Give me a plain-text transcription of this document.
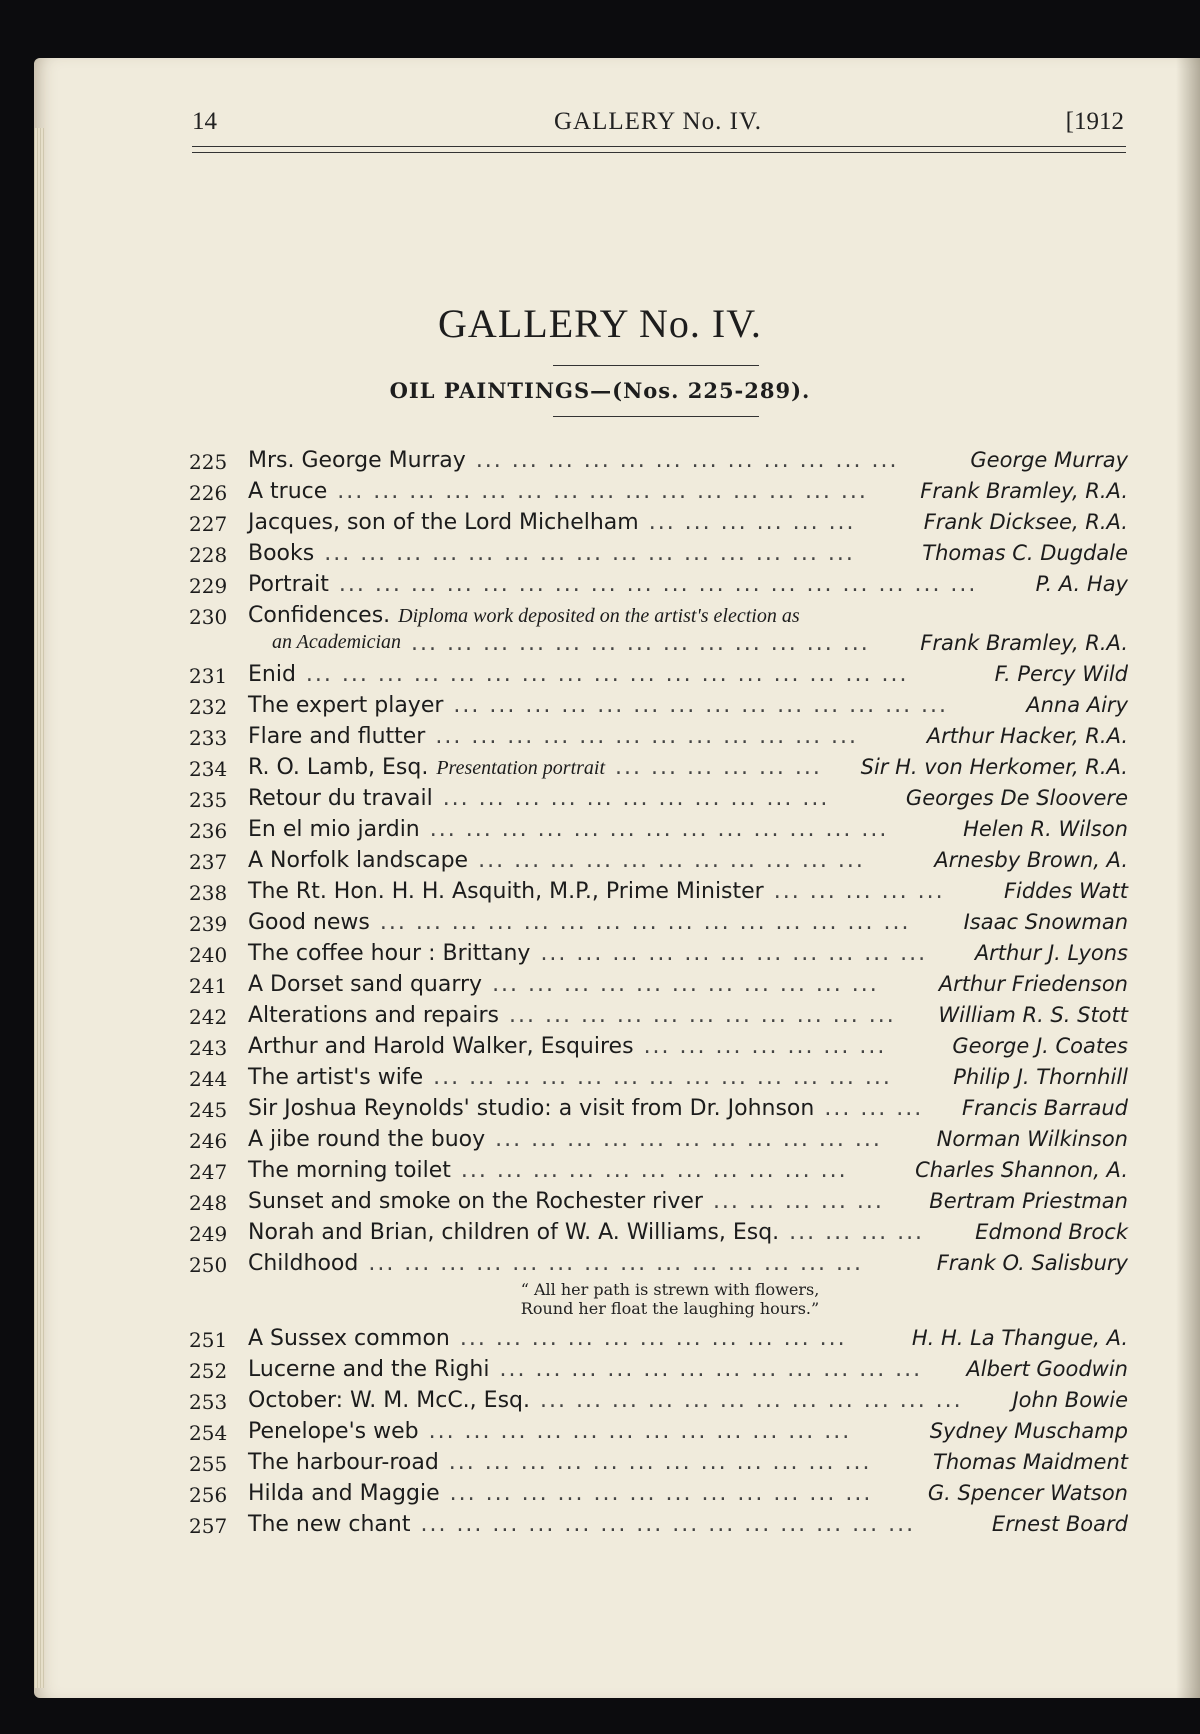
14	GALLERY No. IV.	[1912
GALLERY No. IV.
OIL PAINTINGS—(Nos. 225-289).
225 Mrs. George Murray	George Murray
... ... ... ... ... ... ... ... ... ... ... ...
226 A truce	Frank Bramley, R.A.
... ... ... ... ... ... ... ... ... ... ... ... ... ... ...
227 Jacques, son of the Lord Michelham	Frank Dicksee, R.A.
... ... ... ... ... ...
228 Books	Thomas C. Dugdale
... ... ... ... ... ... ... ... ... ... ... ... ... ... ...
229 Portrait	P. A. Hay
... ... ... ... ... ... ... ... ... ... ... ... ... ... ... ... ... ...
230 Confidences. Diploma work deposited on the artist's election as
an Academician	Frank Bramley, R.A.
... ... ... ... ... ... ... ... ... ... ... ... ...
231 Enid	F. Percy Wild
... ... ... ... ... ... ... ... ... ... ... ... ... ... ... ... ...
232 The expert player	Anna Airy
... ... ... ... ... ... ... ... ... ... ... ... ... ...
233 Flare and flutter	Arthur Hacker, R.A.
... ... ... ... ... ... ... ... ... ... ... ...
234 R. O. Lamb, Esq. Presentation portrait	Sir H. von Herkomer, R.A.
... ... ... ... ... ...
235 Retour du travail	Georges De Sloovere
... ... ... ... ... ... ... ... ... ... ...
236 En el mio jardin	Helen R. Wilson
... ... ... ... ... ... ... ... ... ... ... ... ...
237 A Norfolk landscape	Arnesby Brown, A.
... ... ... ... ... ... ... ... ... ... ...
238 The Rt. Hon. H. H. Asquith, M.P., Prime Minister	Fiddes Watt
... ... ... ... ...
239 Good news	Isaac Snowman
... ... ... ... ... ... ... ... ... ... ... ... ... ... ...
240 The coffee hour : Brittany	Arthur J. Lyons
... ... ... ... ... ... ... ... ... ... ...
241 A Dorset sand quarry	Arthur Friedenson
... ... ... ... ... ... ... ... ... ... ...
242 Alterations and repairs	William R. S. Stott
... ... ... ... ... ... ... ... ... ... ...
243 Arthur and Harold Walker, Esquires	George J. Coates
... ... ... ... ... ... ...
244 The artist's wife	Philip J. Thornhill
... ... ... ... ... ... ... ... ... ... ... ... ...
245 Sir Joshua Reynolds' studio: a visit from Dr. Johnson	Francis Barraud
... ... ...
246 A jibe round the buoy	Norman Wilkinson
... ... ... ... ... ... ... ... ... ... ...
247 The morning toilet	Charles Shannon, A.
... ... ... ... ... ... ... ... ... ... ...
248 Sunset and smoke on the Rochester river	Bertram Priestman
... ... ... ... ...
249 Norah and Brian, children of W. A. Williams, Esq.	Edmond Brock
... ... ... ...
250 Childhood	Frank O. Salisbury
... ... ... ... ... ... ... ... ... ... ... ... ... ...
“ All her path is strewn with flowers,
Round her float the laughing hours.”
251 A Sussex common	H. H. La Thangue, A.
... ... ... ... ... ... ... ... ... ... ...
252 Lucerne and the Righi	Albert Goodwin
... ... ... ... ... ... ... ... ... ... ... ...
253 October: W. M. McC., Esq.	John Bowie
... ... ... ... ... ... ... ... ... ... ... ...
254 Penelope's web	Sydney Muschamp
... ... ... ... ... ... ... ... ... ... ... ...
255 The harbour-road	Thomas Maidment
... ... ... ... ... ... ... ... ... ... ... ...
256 Hilda and Maggie	G. Spencer Watson
... ... ... ... ... ... ... ... ... ... ... ...
257 The new chant	Ernest Board
... ... ... ... ... ... ... ... ... ... ... ... ... ...
